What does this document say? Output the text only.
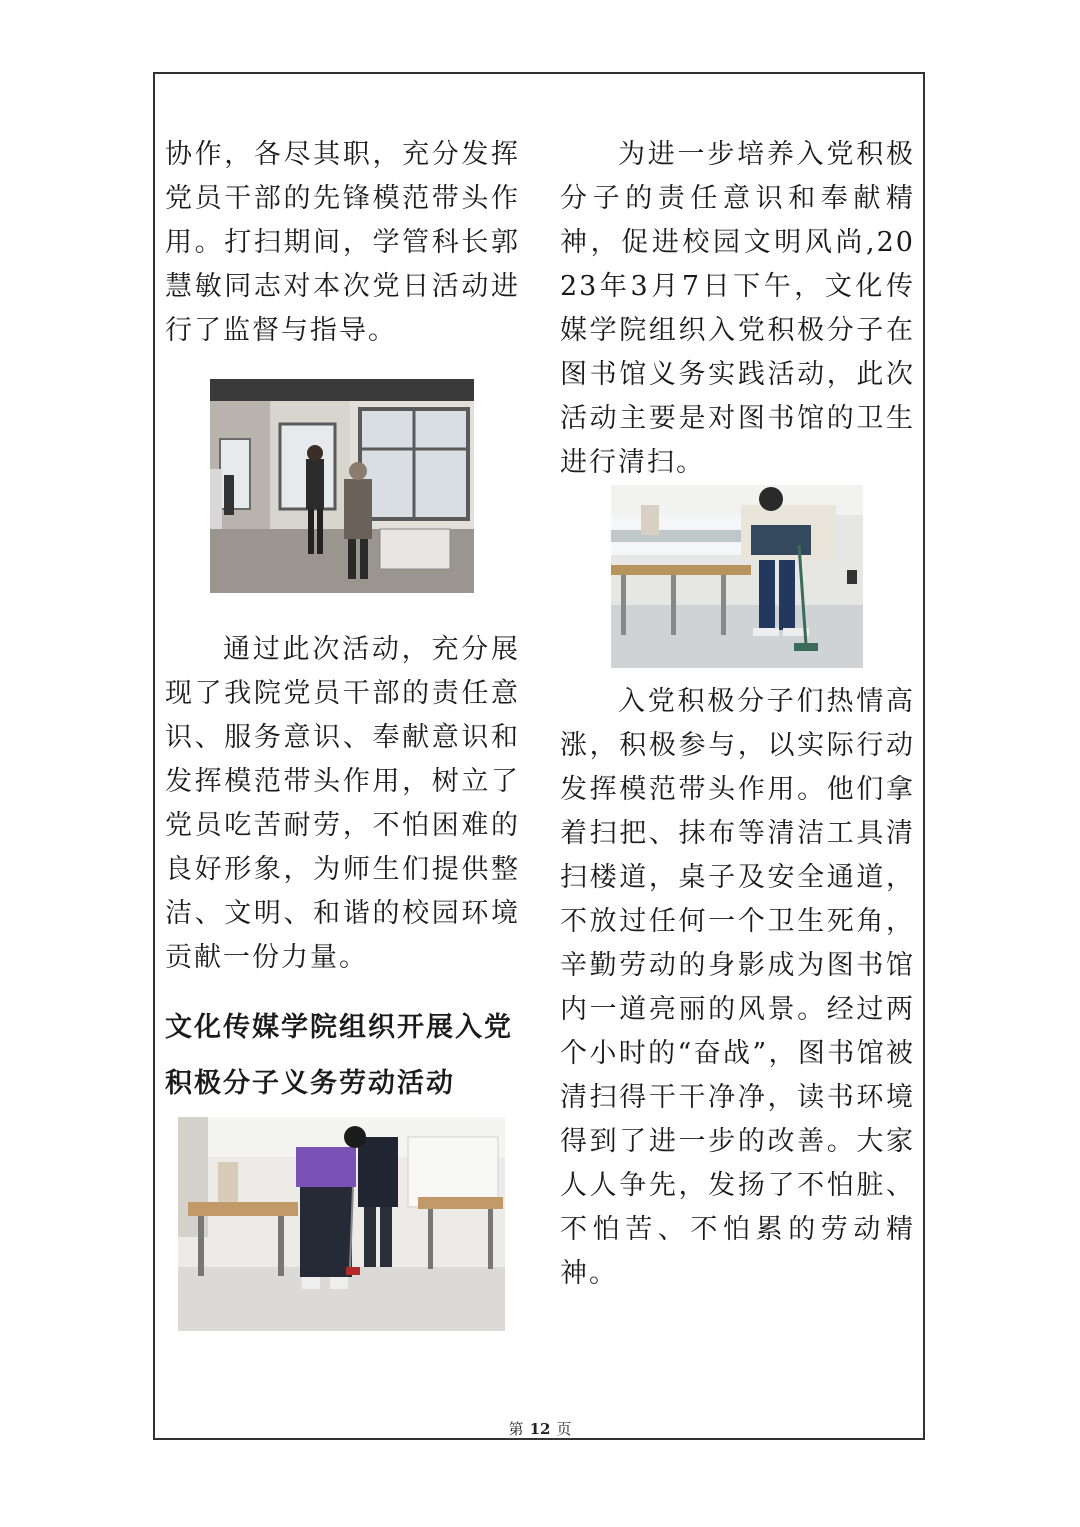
协作，各尽其职，充分发挥党员干部的先锋模范带头作用。打扫期间，学管科长郭慧敏同志对本次党日活动进行了监督与指导。

通过此次活动，充分展现了我院党员干部的责任意识、服务意识、奉献意识和发挥模范带头作用，树立了党员吃苦耐劳，不怕困难的良好形象，为师生们提供整洁、文明、和谐的校园环境贡献一份力量。

文化传媒学院组织开展入党

积极分子义务劳动活动

为进一步培养入党积极分子的责任意识和奉献精神，促进校园文明风尚,2023年3月7日下午，文化传媒学院组织入党积极分子在图书馆义务实践活动，此次活动主要是对图书馆的卫生进行清扫。

入党积极分子们热情高涨，积极参与，以实际行动发挥模范带头作用。他们拿着扫把、抹布等清洁工具清扫楼道，桌子及安全通道，不放过任何一个卫生死角，辛勤劳动的身影成为图书馆内一道亮丽的风景。经过两个小时的“奋战”，图书馆被清扫得干干净净，读书环境得到了进一步的改善。大家人人争先，发扬了不怕脏、不怕苦、不怕累的劳动精神。

第 12 页
